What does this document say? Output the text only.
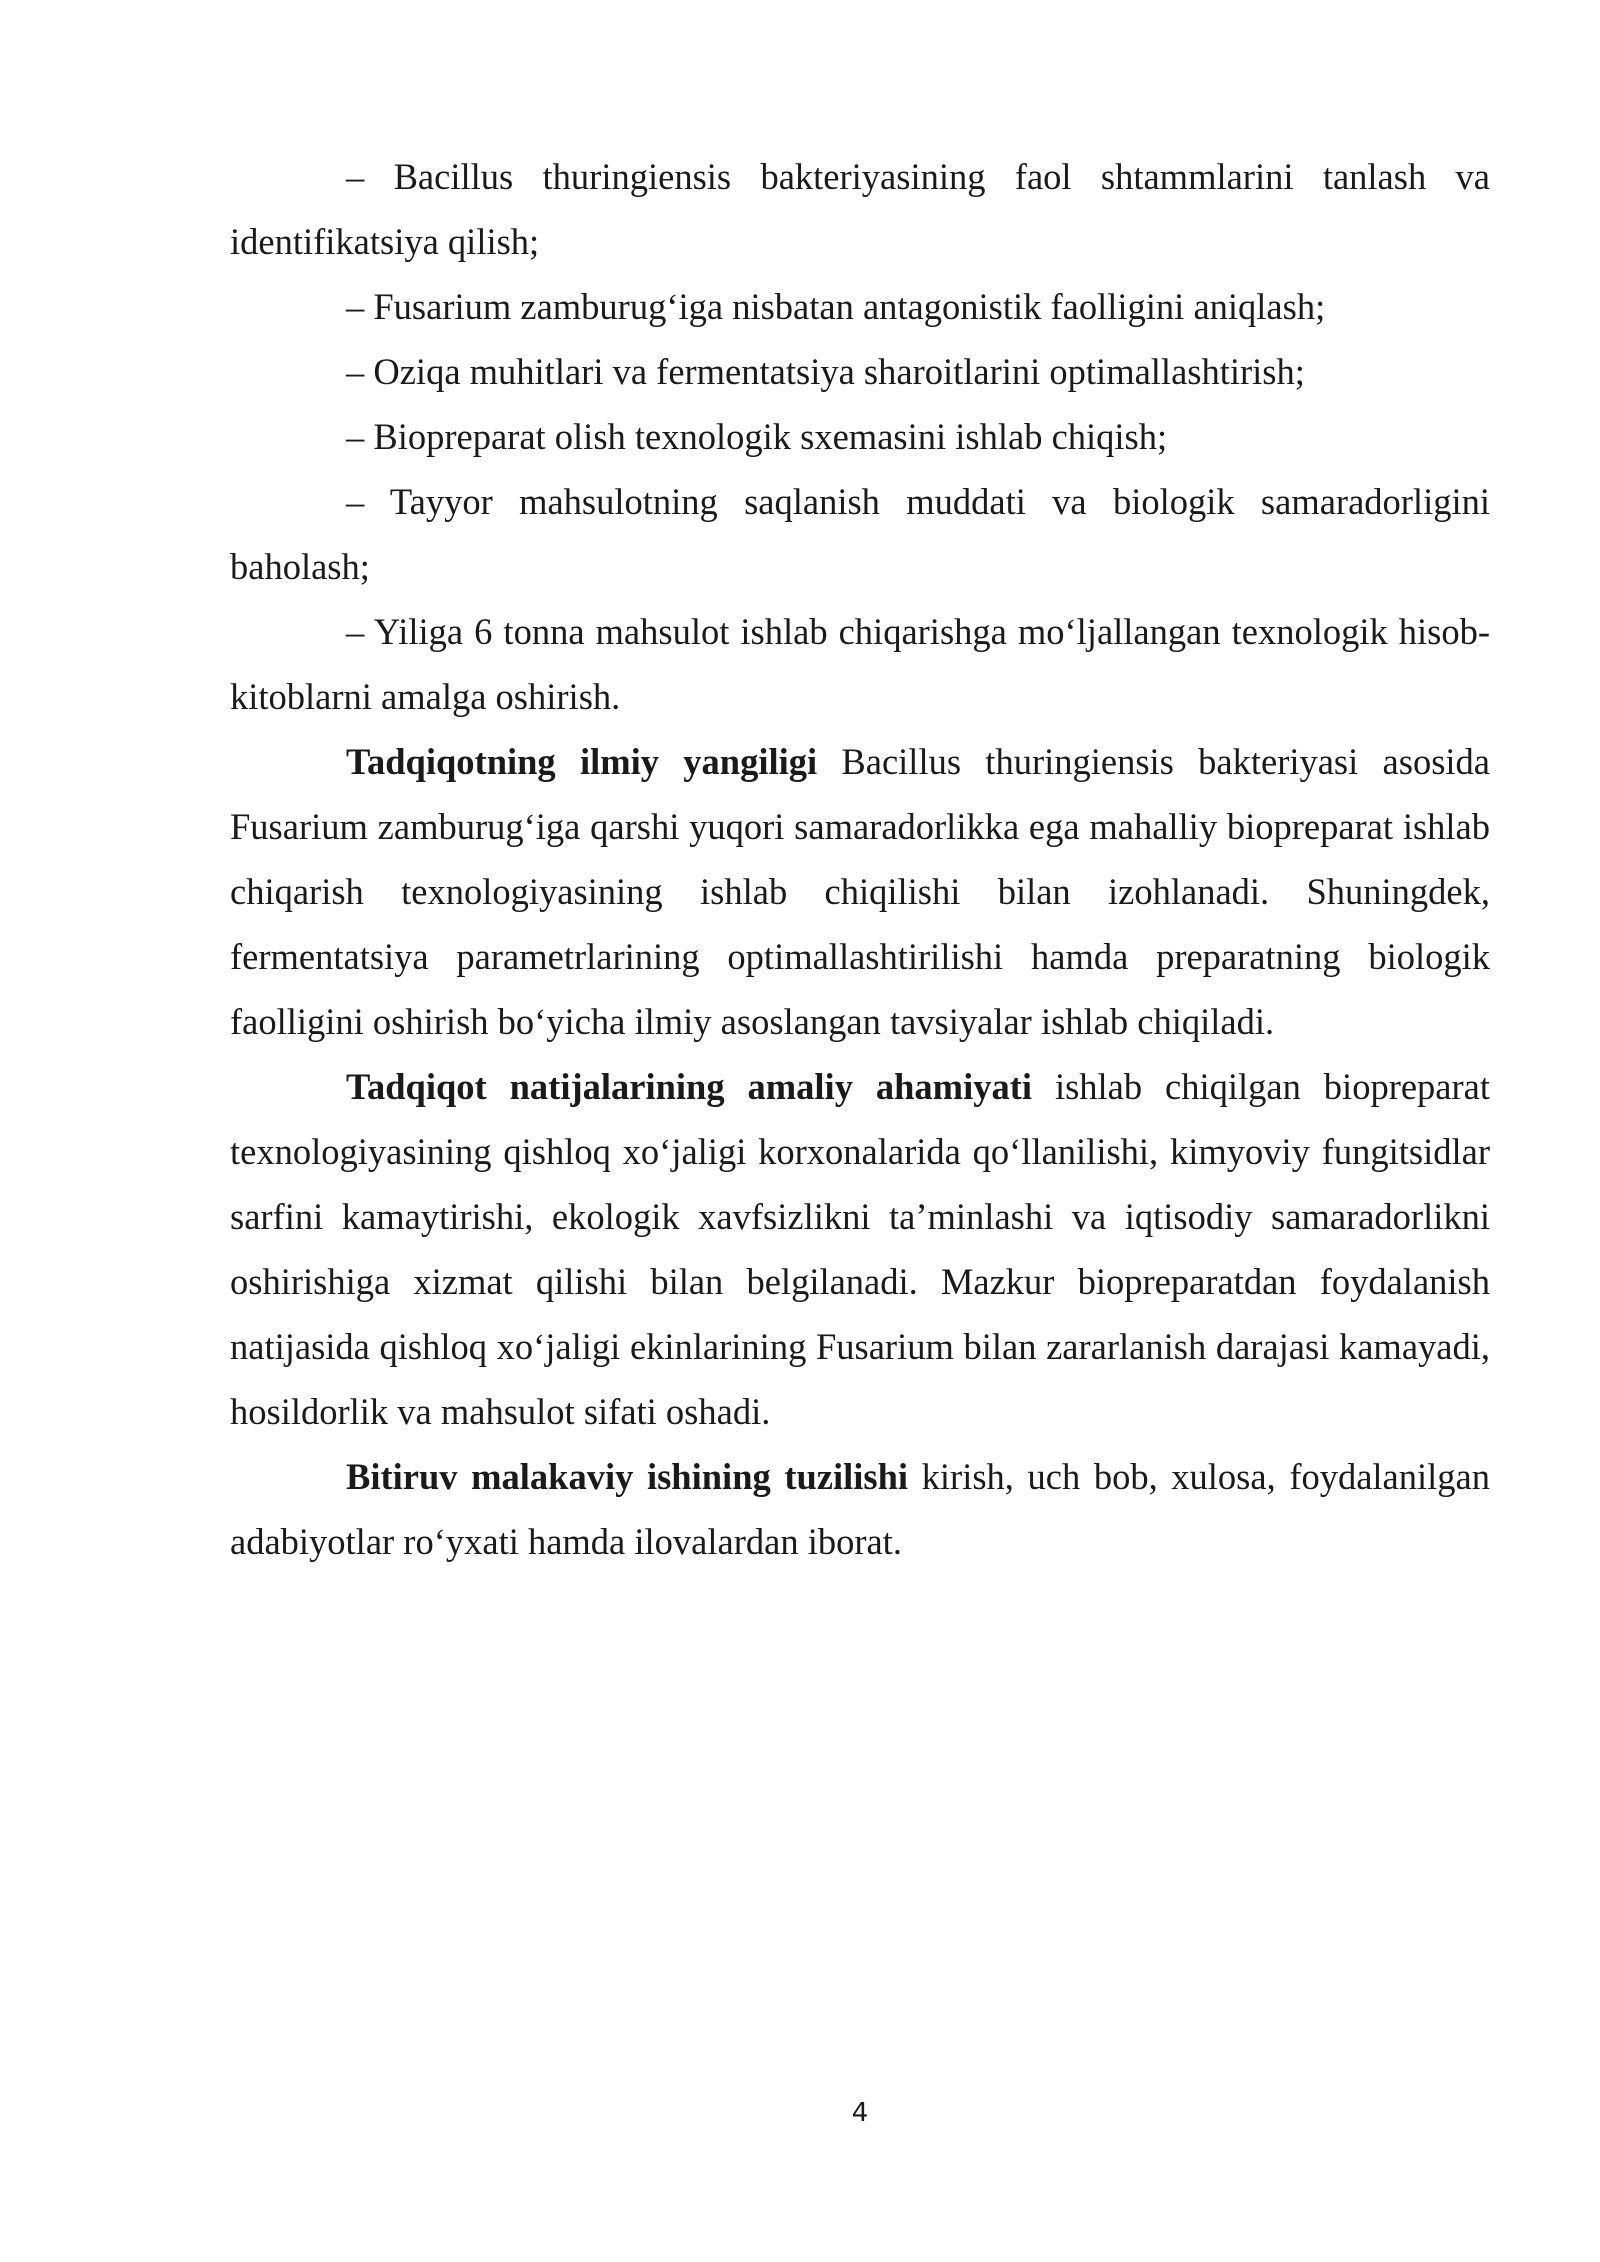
– Bacillus thuringiensis bakteriyasining faol shtammlarini tanlash va identifikatsiya qilish;

– Fusarium zamburug‘iga nisbatan antagonistik faolligini aniqlash;

– Oziqa muhitlari va fermentatsiya sharoitlarini optimallashtirish;

– Biopreparat olish texnologik sxemasini ishlab chiqish;

– Tayyor mahsulotning saqlanish muddati va biologik samaradorligini baholash;

– Yiliga 6 tonna mahsulot ishlab chiqarishga mo‘ljallangan texnologik hisob-kitoblarni amalga oshirish.

Tadqiqotning ilmiy yangiligi Bacillus thuringiensis bakteriyasi asosida Fusarium zamburug‘iga qarshi yuqori samaradorlikka ega mahalliy biopreparat ishlab chiqarish texnologiyasining ishlab chiqilishi bilan izohlanadi. Shuningdek, fermentatsiya parametrlarining optimallashtirilishi hamda preparatning biologik faolligini oshirish bo‘yicha ilmiy asoslangan tavsiyalar ishlab chiqiladi.

Tadqiqot natijalarining amaliy ahamiyati ishlab chiqilgan biopreparat texnologiyasining qishloq xo‘jaligi korxonalarida qo‘llanilishi, kimyoviy fungitsidlar sarfini kamaytirishi, ekologik xavfsizlikni ta’minlashi va iqtisodiy samaradorlikni oshirishiga xizmat qilishi bilan belgilanadi. Mazkur biopreparatdan foydalanish natijasida qishloq xo‘jaligi ekinlarining Fusarium bilan zararlanish darajasi kamayadi, hosildorlik va mahsulot sifati oshadi.

Bitiruv malakaviy ishining tuzilishi kirish, uch bob, xulosa, foydalanilgan adabiyotlar ro‘yxati hamda ilovalardan iborat.

4
